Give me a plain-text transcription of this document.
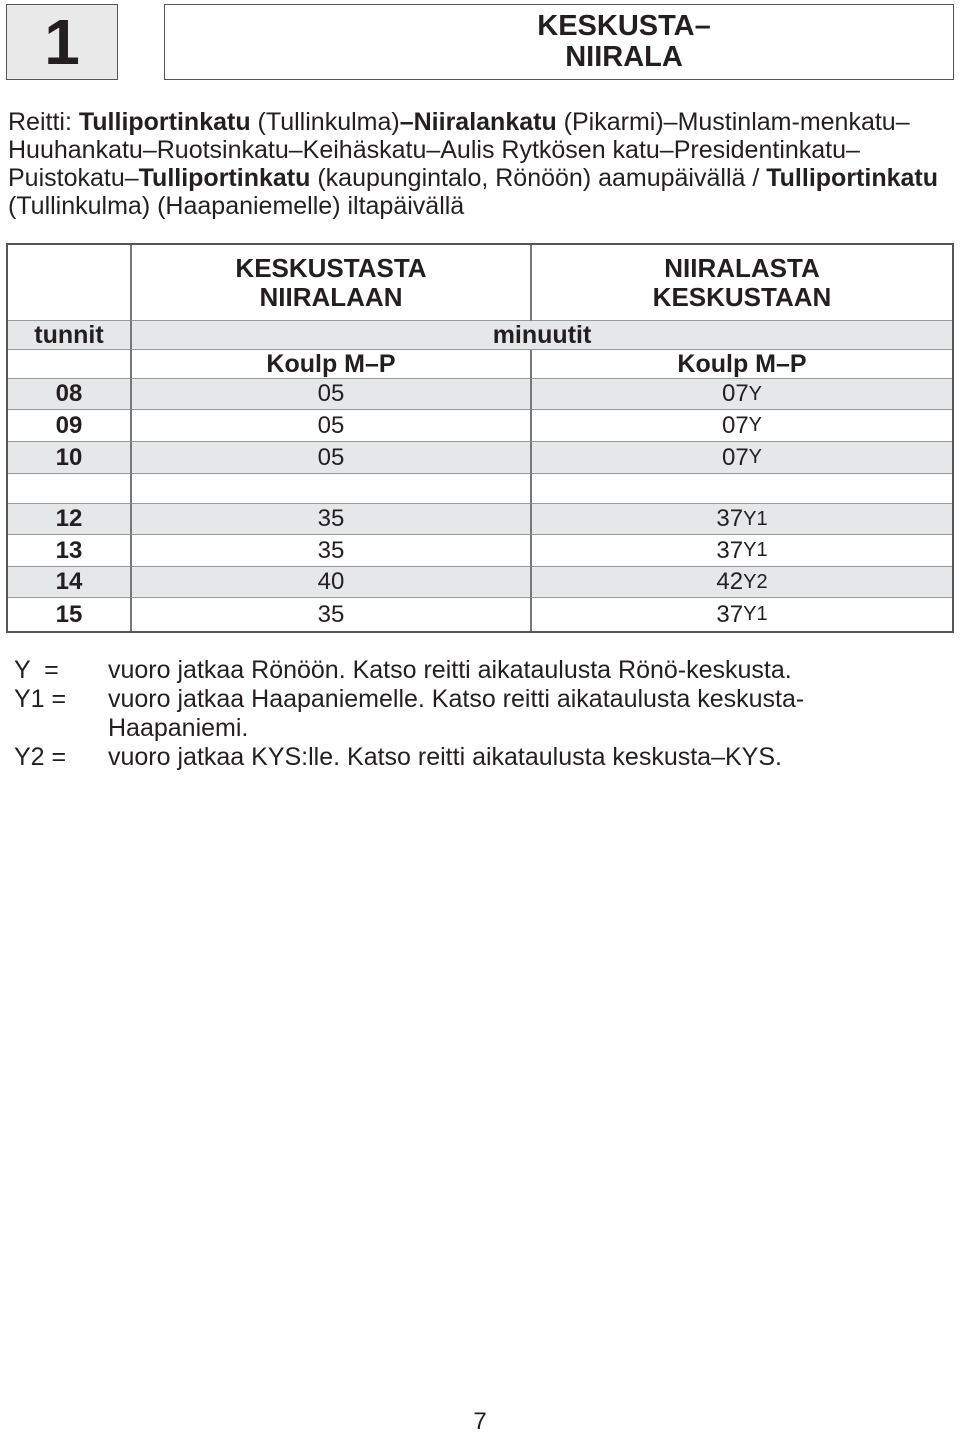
1	KESKUSTA–
NIIRALA
Reitti: Tulliportinkatu (Tullinkulma)–Niiralankatu (Pikarmi)–Mustinlam-menkatu–Huuhankatu–Ruotsinkatu–Keihäskatu–Aulis Rytkösen katu–Presidentinkatu–Puistokatu–Tulliportinkatu (kaupungintalo, Rönöön) aamupäivällä / Tulliportinkatu (Tullinkulma) (Haapaniemelle) iltapäivällä
KESKUSTASTA
NIIRALAAN
NIIRALASTA
KESKUSTAAN
tunnit	minuutit
Koulp M–P	Koulp M–P
08	05	07 Y
09	05	07 Y
10	05	07 Y
12	35	37 Y1
13	35	37 Y1
14	40	42 Y2
15	35	37 Y1
Y  =	vuoro jatkaa Rönöön. Katso reitti aikataulusta Rönö-keskusta.
Y1 =	vuoro jatkaa Haapaniemelle. Katso reitti aikataulusta keskusta-Haapaniemi.
Y2 =	vuoro jatkaa KYS:lle. Katso reitti aikataulusta keskusta–KYS.
7
